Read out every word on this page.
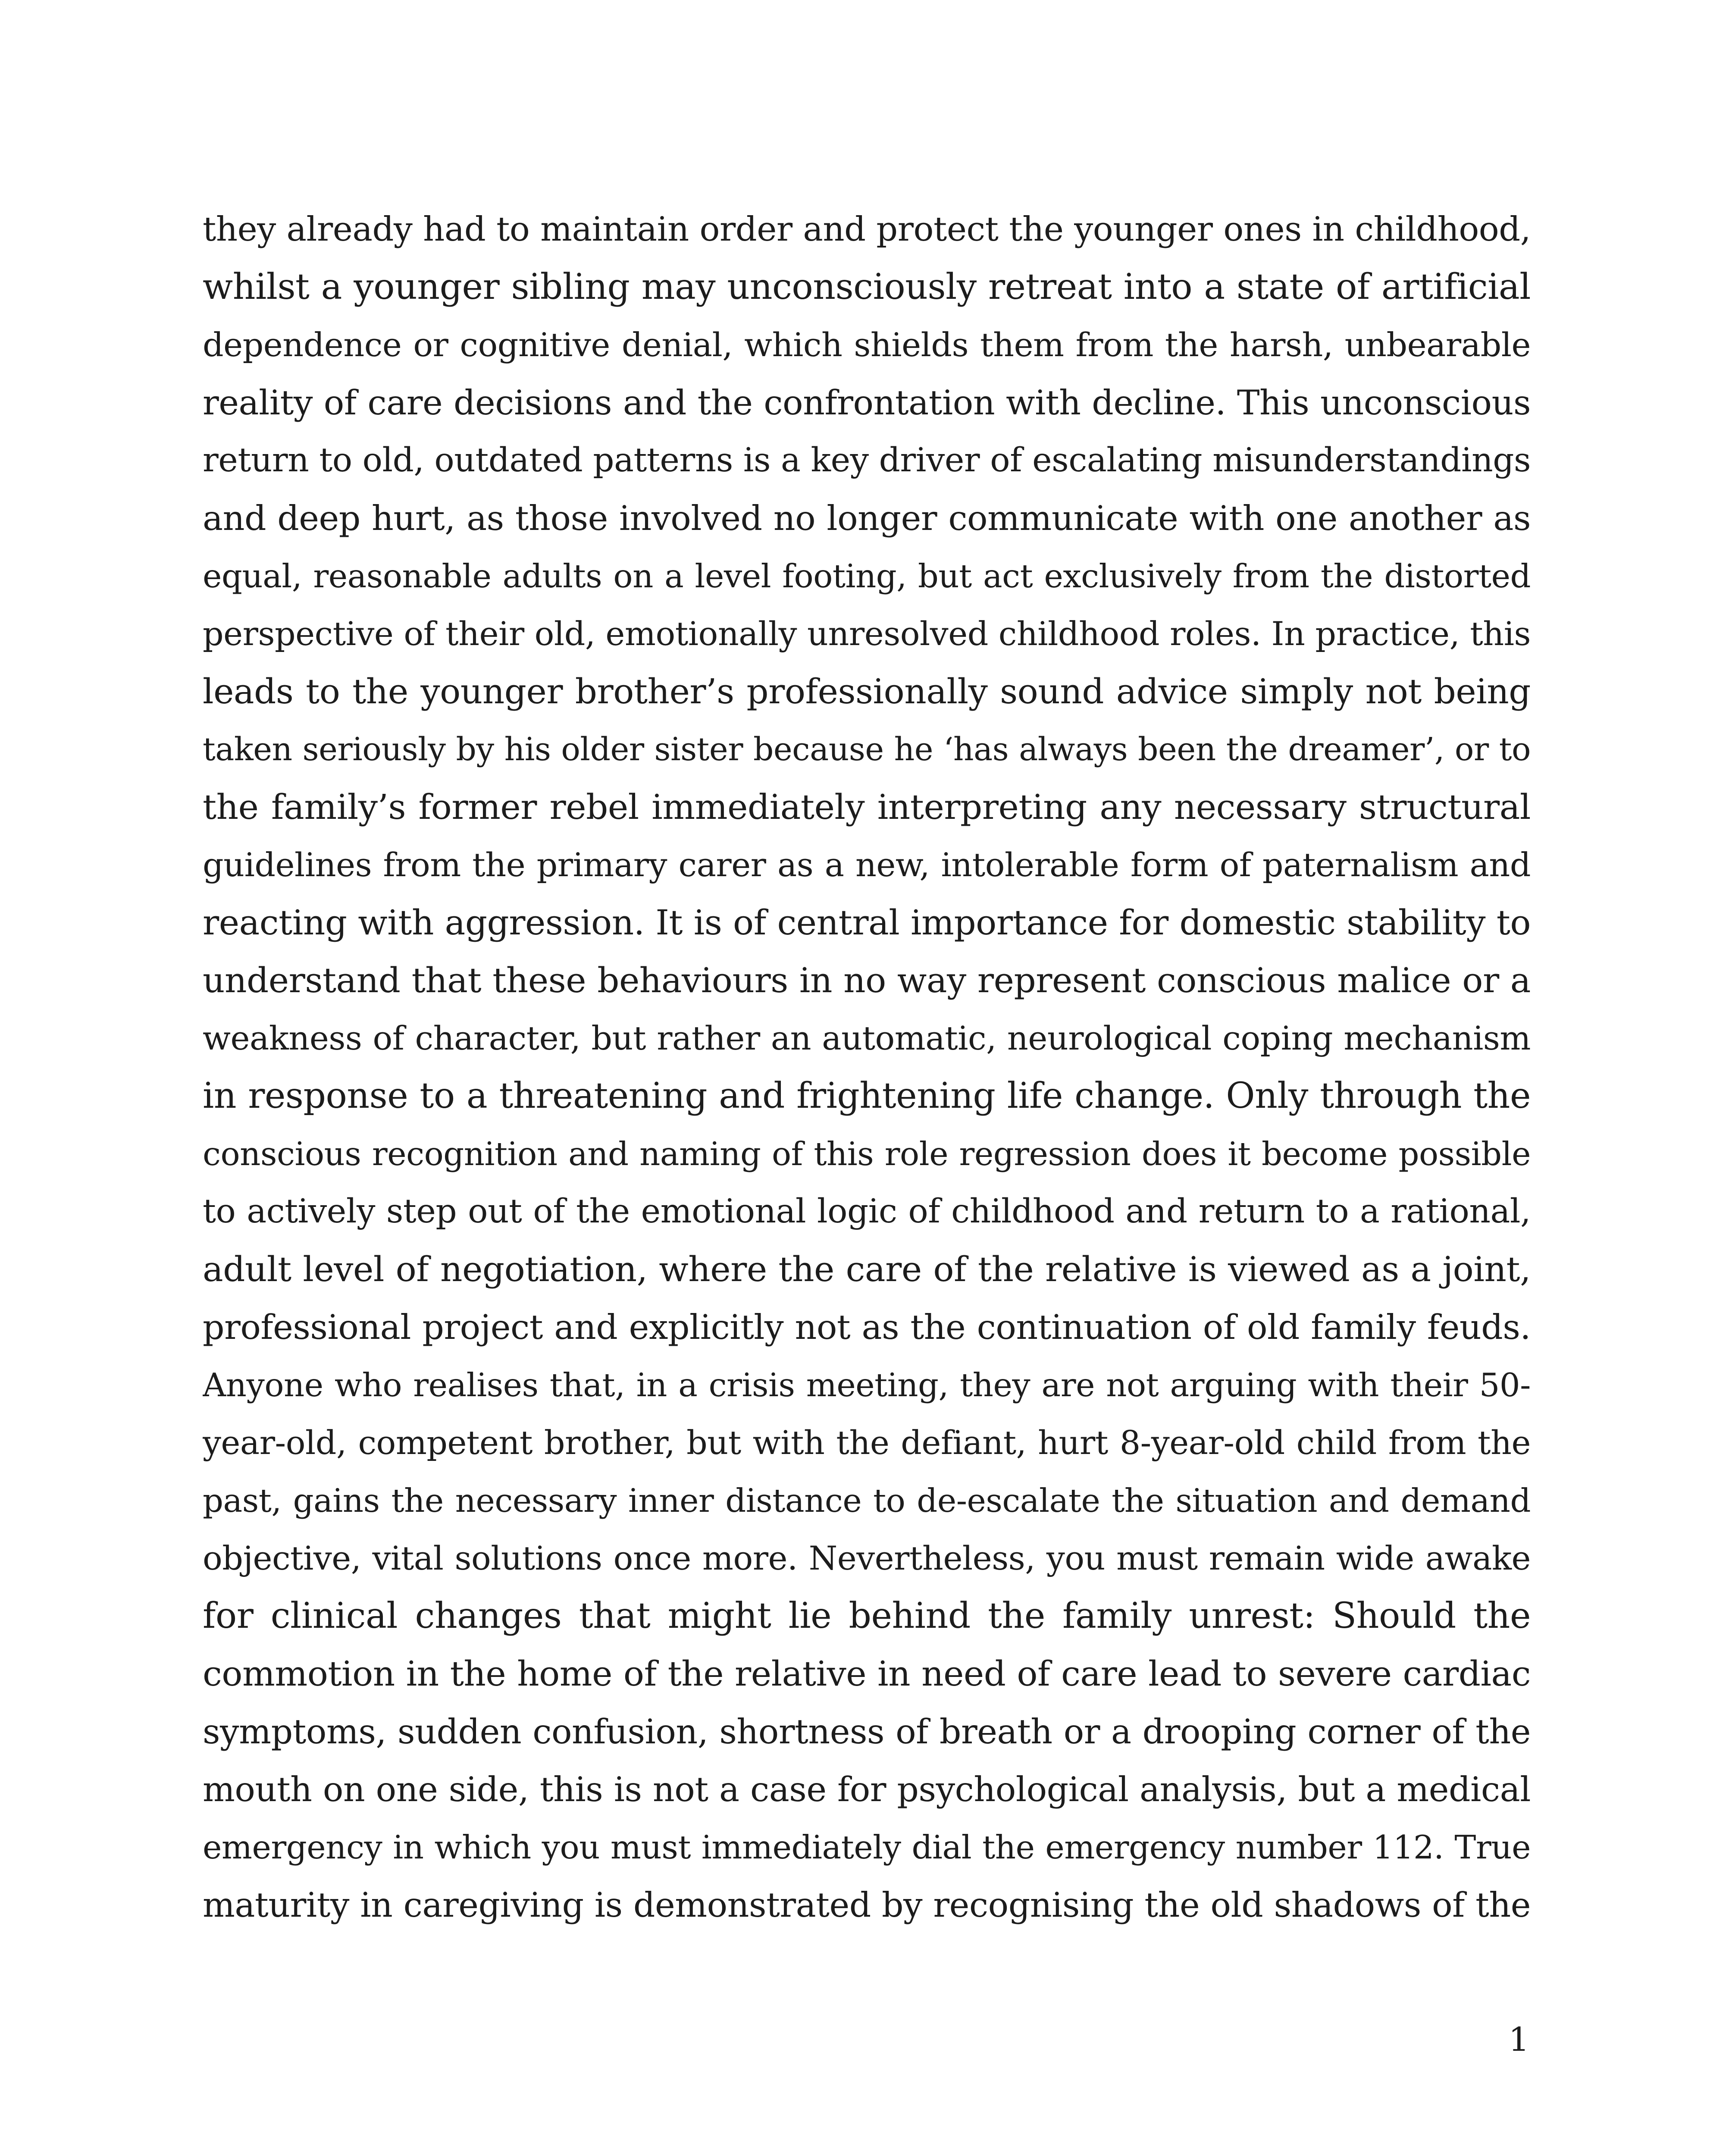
they already had to maintain order and protect the younger ones in childhood,
whilst a younger sibling may unconsciously retreat into a state of artificial
dependence or cognitive denial, which shields them from the harsh, unbearable
reality of care decisions and the confrontation with decline. This unconscious
return to old, outdated patterns is a key driver of escalating misunderstandings
and deep hurt, as those involved no longer communicate with one another as
equal, reasonable adults on a level footing, but act exclusively from the distorted
perspective of their old, emotionally unresolved childhood roles. In practice, this
leads to the younger brother’s professionally sound advice simply not being
taken seriously by his older sister because he ‘has always been the dreamer’, or to
the family’s former rebel immediately interpreting any necessary structural
guidelines from the primary carer as a new, intolerable form of paternalism and
reacting with aggression. It is of central importance for domestic stability to
understand that these behaviours in no way represent conscious malice or a
weakness of character, but rather an automatic, neurological coping mechanism
in response to a threatening and frightening life change. Only through the
conscious recognition and naming of this role regression does it become possible
to actively step out of the emotional logic of childhood and return to a rational,
adult level of negotiation, where the care of the relative is viewed as a joint,
professional project and explicitly not as the continuation of old family feuds.
Anyone who realises that, in a crisis meeting, they are not arguing with their 50-
year-old, competent brother, but with the defiant, hurt 8-year-old child from the
past, gains the necessary inner distance to de-escalate the situation and demand
objective, vital solutions once more. Nevertheless, you must remain wide awake
for clinical changes that might lie behind the family unrest: Should the
commotion in the home of the relative in need of care lead to severe cardiac
symptoms, sudden confusion, shortness of breath or a drooping corner of the
mouth on one side, this is not a case for psychological analysis, but a medical
emergency in which you must immediately dial the emergency number 112. True
maturity in caregiving is demonstrated by recognising the old shadows of the
1
